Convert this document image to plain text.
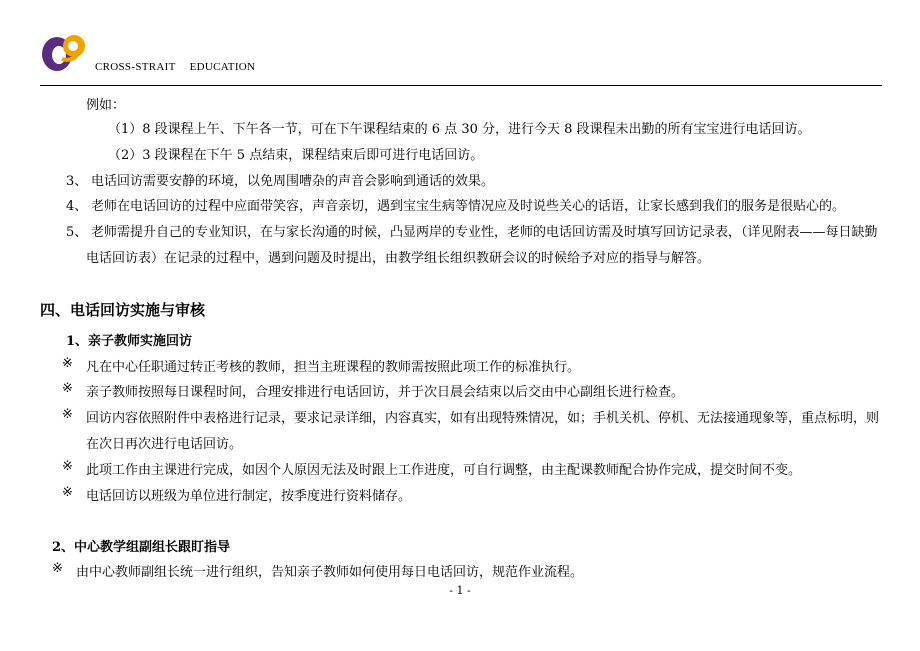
CROSS-STRAIT EDUCATION
例如：
（1）8 段课程上午、下午各一节，可在下午课程结束的 6 点 30 分，进行今天 8 段课程未出勤的所有宝宝进行电话回访。
（2）3 段课程在下午 5 点结束，课程结束后即可进行电话回访。
3、 电话回访需要安静的环境，以免周围嘈杂的声音会影响到通话的效果。
4、 老师在电话回访的过程中应面带笑容，声音亲切，遇到宝宝生病等情况应及时说些关心的话语，让家长感到我们的服务是很贴心的。
5、 老师需提升自己的专业知识，在与家长沟通的时候，凸显两岸的专业性，老师的电话回访需及时填写回访记录表，（详见附表——每日缺勤
电话回访表）在记录的过程中，遇到问题及时提出，由教学组长组织教研会议的时候给予对应的指导与解答。
四、电话回访实施与审核
1、亲子教师实施回访
※ 凡在中心任职通过转正考核的教师，担当主班课程的教师需按照此项工作的标准执行。
※ 亲子教师按照每日课程时间，合理安排进行电话回访，并于次日晨会结束以后交由中心副组长进行检查。
※ 回访内容依照附件中表格进行记录，要求记录详细，内容真实，如有出现特殊情况，如；手机关机、停机、无法接通现象等，重点标明，则
在次日再次进行电话回访。
※ 此项工作由主课进行完成，如因个人原因无法及时跟上工作进度，可自行调整，由主配课教师配合协作完成，提交时间不变。
※ 电话回访以班级为单位进行制定，按季度进行资料储存。
2、中心教学组副组长跟盯指导
※ 由中心教师副组长统一进行组织，告知亲子教师如何使用每日电话回访，规范作业流程。
- 1 -
